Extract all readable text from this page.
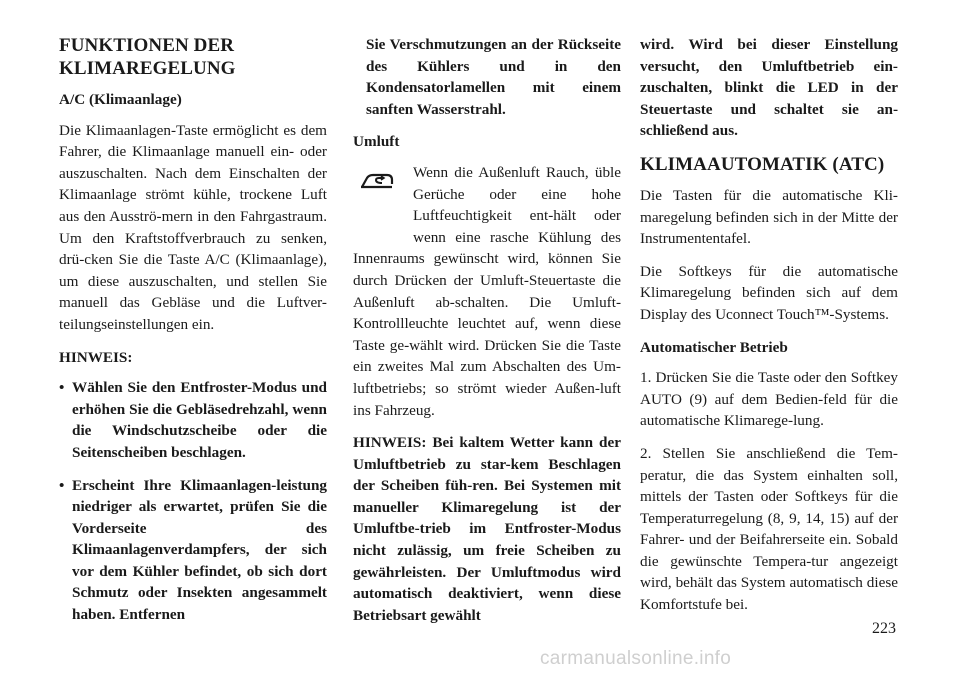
FUNKTIONEN DER KLIMAREGELUNG

A/C (Klimaanlage)

Die Klimaanlagen-Taste ermöglicht es dem Fahrer, die Klimaanlage manuell ein- oder auszuschalten. Nach dem Einschalten der Klimaanlage strömt kühle, trockene Luft aus den Ausströ-mern in den Fahrgastraum. Um den Kraftstoffverbrauch zu senken, drü-cken Sie die Taste A/C (Klimaanlage), um diese auszuschalten, und stellen Sie manuell das Gebläse und die Luftver-teilungseinstellungen ein.

HINWEIS:

• Wählen Sie den Entfroster-Modus und erhöhen Sie die Gebläsedrehzahl, wenn die Windschutzscheibe oder die Seitenscheiben beschlagen.
• Erscheint Ihre Klimaanlagen-leistung niedriger als erwartet, prüfen Sie die Vorderseite des Klimaanlagenverdampfers, der sich vor dem Kühler befindet, ob sich dort Schmutz oder Insekten angesammelt haben. Entfernen

Sie Verschmutzungen an der Rückseite des Kühlers und in den Kondensatorlamellen mit einem sanften Wasserstrahl.

Umluft

Wenn die Außenluft Rauch, üble Gerüche oder eine hohe Luftfeuchtigkeit ent-hält oder wenn eine rasche Kühlung des Innenraums gewünscht wird, können Sie durch Drücken der Umluft-Steuertaste die Außenluft ab-schalten. Die Umluft-Kontrollleuchte leuchtet auf, wenn diese Taste ge-wählt wird. Drücken Sie die Taste ein zweites Mal zum Abschalten des Um-luftbetriebs; so strömt wieder Außen-luft ins Fahrzeug.

HINWEIS: Bei kaltem Wetter kann der Umluftbetrieb zu star-kem Beschlagen der Scheiben füh-ren. Bei Systemen mit manueller Klimaregelung ist der Umluftbe-trieb im Entfroster-Modus nicht zulässig, um freie Scheiben zu gewährleisten. Der Umluftmodus wird automatisch deaktiviert, wenn diese Betriebsart gewählt

wird. Wird bei dieser Einstellung versucht, den Umluftbetrieb ein-zuschalten, blinkt die LED in der Steuertaste und schaltet sie an-schließend aus.

KLIMAAUTOMATIK (ATC)

Die Tasten für die automatische Kli-maregelung befinden sich in der Mitte der Instrumententafel.

Die Softkeys für die automatische Klimaregelung befinden sich auf dem Display des Uconnect Touch™-Systems.

Automatischer Betrieb

1. Drücken Sie die Taste oder den Softkey AUTO (9) auf dem Bedien-feld für die automatische Klimarege-lung.

2. Stellen Sie anschließend die Tem-peratur, die das System einhalten soll, mittels der Tasten oder Softkeys für die Temperaturregelung (8, 9, 14, 15) auf der Fahrer- und der Beifahrerseite ein. Sobald die gewünschte Tempera-tur angezeigt wird, behält das System automatisch diese Komfortstufe bei.

223
carmanualsonline.info
